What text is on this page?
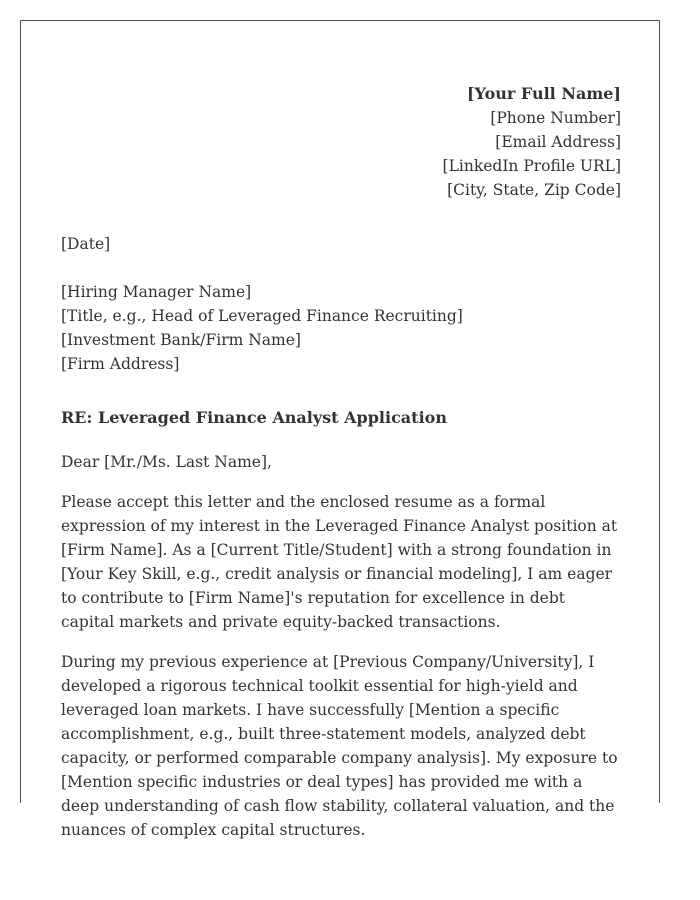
[Your Full Name]
[Phone Number]
[Email Address]
[LinkedIn Profile URL]
[City, State, Zip Code]
[Date]
[Hiring Manager Name]
[Title, e.g., Head of Leveraged Finance Recruiting]
[Investment Bank/Firm Name]
[Firm Address]
RE: Leveraged Finance Analyst Application
Dear [Mr./Ms. Last Name],

Please accept this letter and the enclosed resume as a formal expression of my interest in the Leveraged Finance Analyst position at [Firm Name]. As a [Current Title/Student] with a strong foundation in [Your Key Skill, e.g., credit analysis or financial modeling], I am eager to contribute to [Firm Name]'s reputation for excellence in debt capital markets and private equity-backed transactions.

During my previous experience at [Previous Company/University], I developed a rigorous technical toolkit essential for high-yield and leveraged loan markets. I have successfully [Mention a specific accomplishment, e.g., built three-statement models, analyzed debt capacity, or performed comparable company analysis]. My exposure to [Mention specific industries or deal types] has provided me with a deep understanding of cash flow stability, collateral valuation, and the nuances of complex capital structures.
